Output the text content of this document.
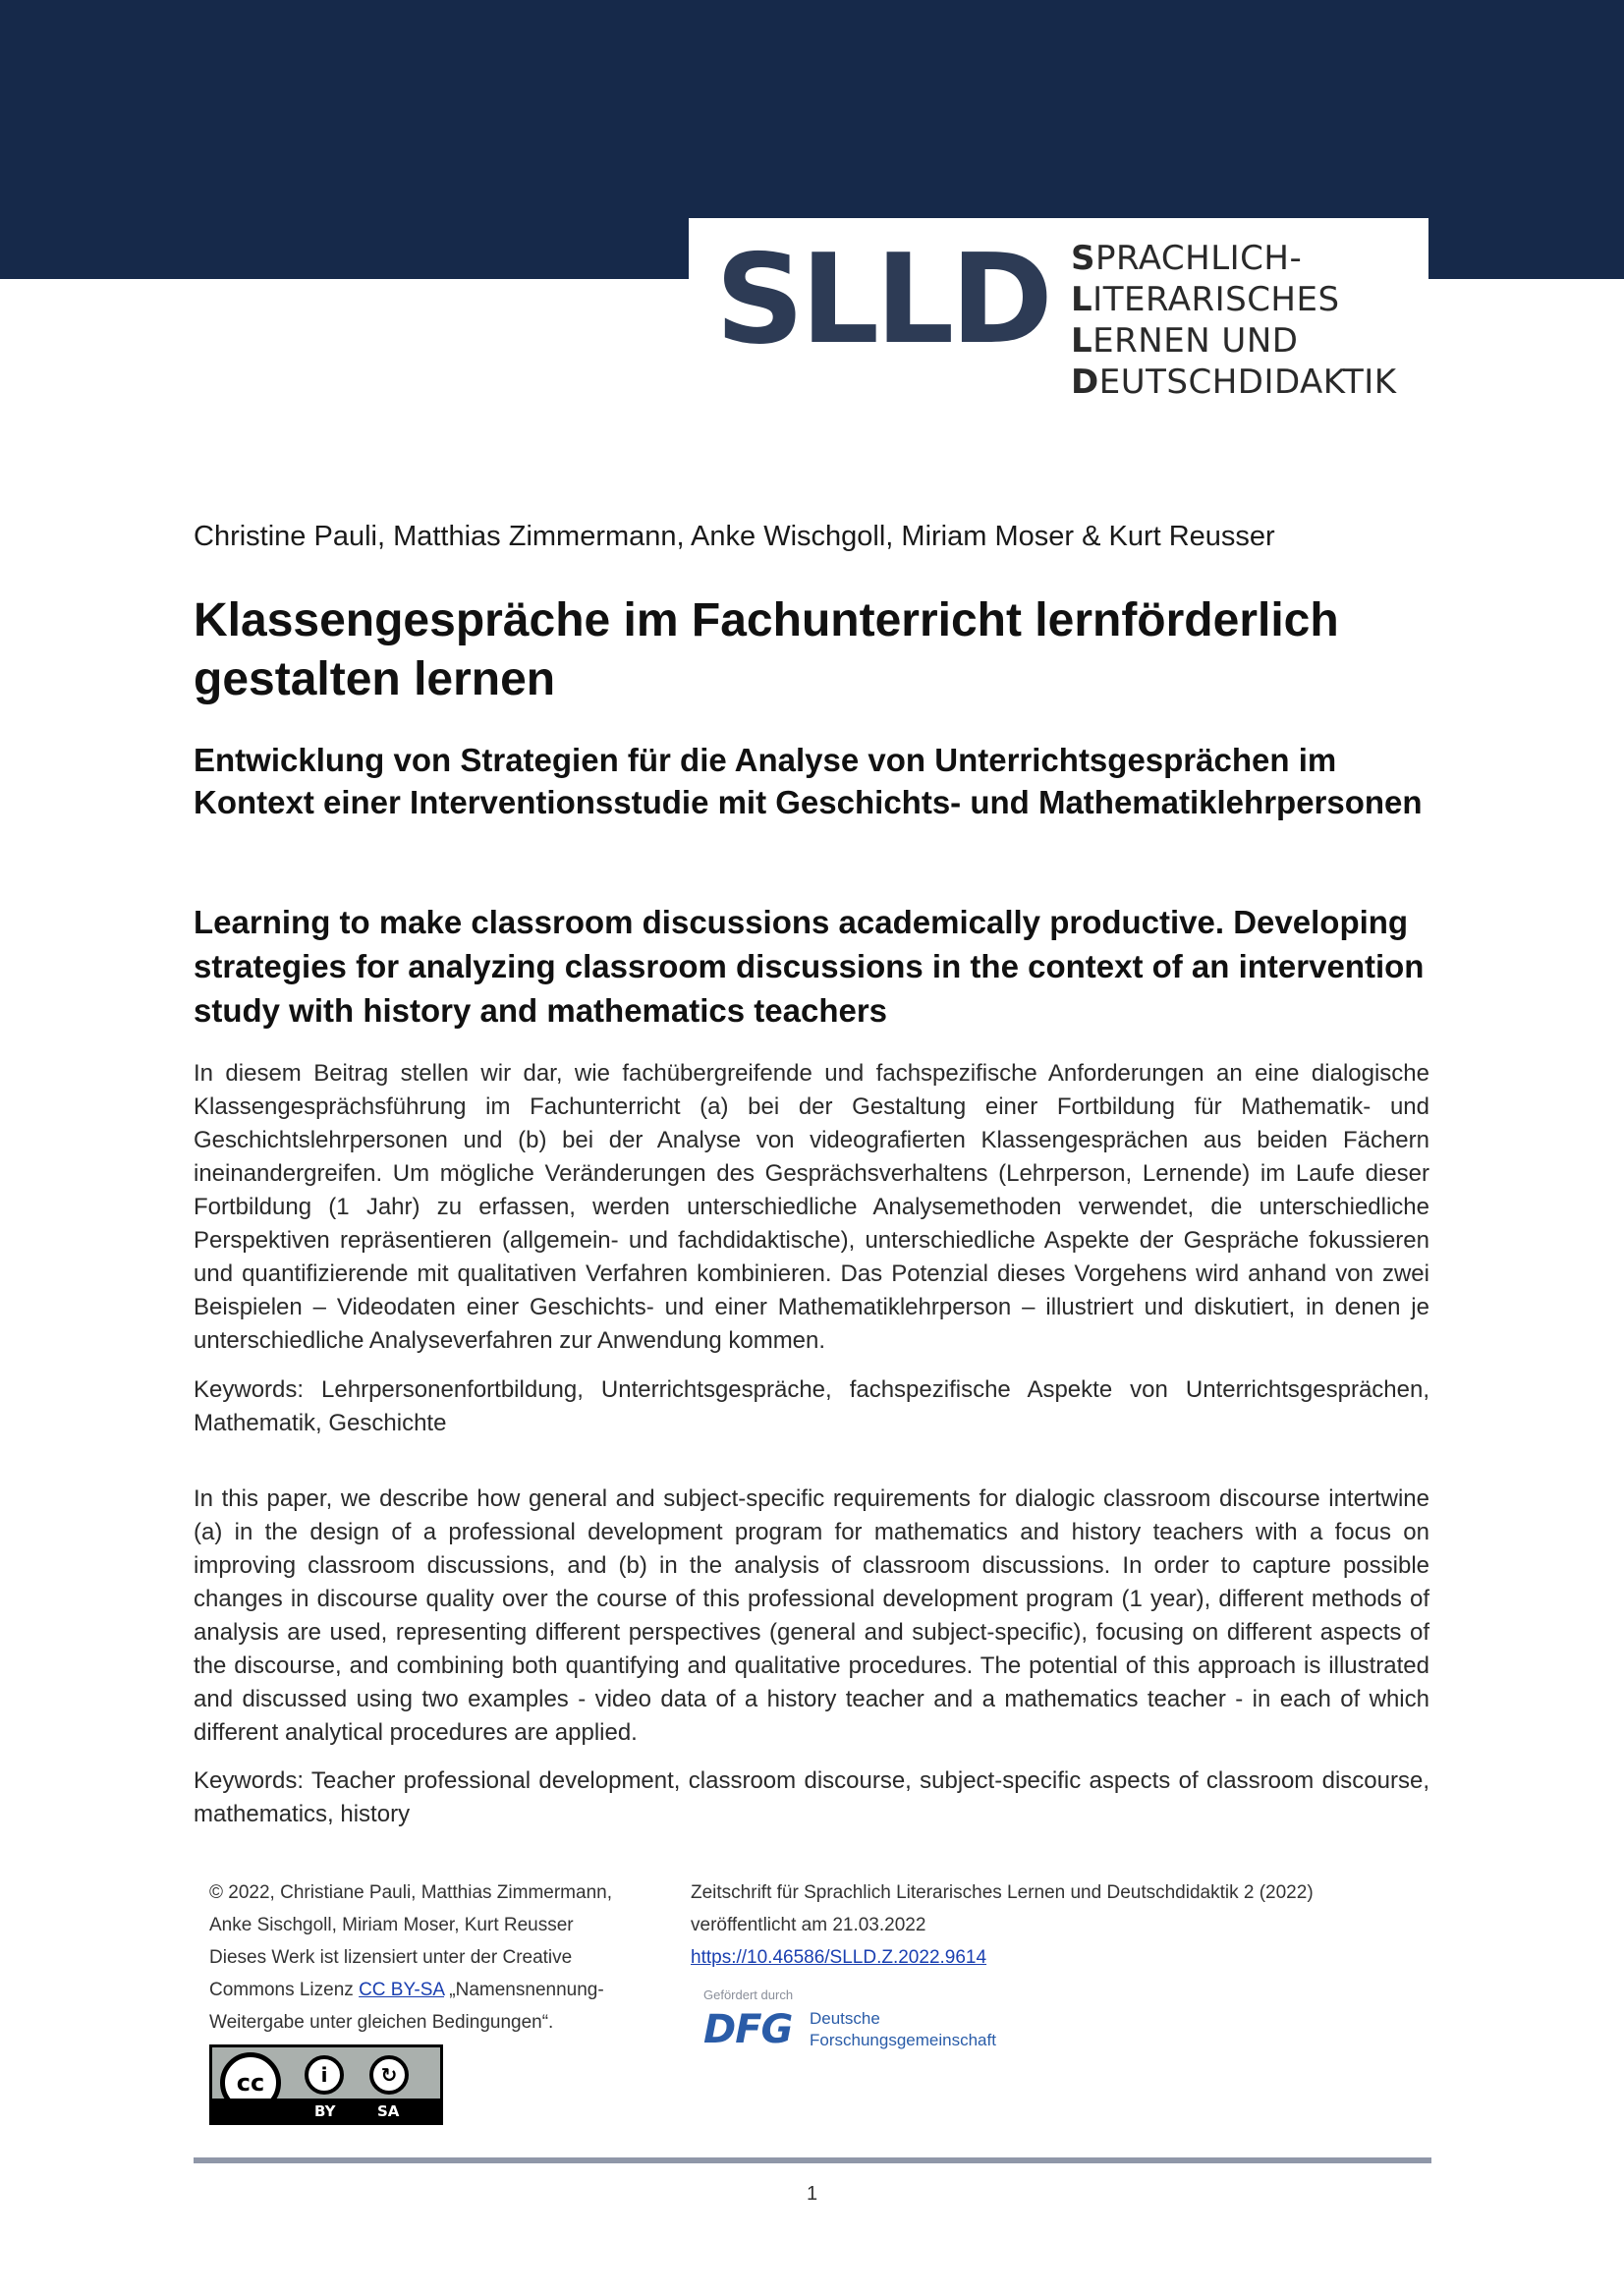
SLLD SPRACHLICH-
LITERARISCHES
LERNEN UND
DEUTSCHDIDAKTIK
Christine Pauli, Matthias Zimmermann, Anke Wischgoll, Miriam Moser & Kurt Reusser
Klassengespräche im Fachunterricht lernförderlich gestalten lernen
Entwicklung von Strategien für die Analyse von Unterrichtsgesprächen im Kontext einer Interventionsstudie mit Geschichts- und Mathematiklehrpersonen
Learning to make classroom discussions academically productive. Developing strategies for analyzing classroom discussions in the context of an intervention study with history and mathematics teachers

In diesem Beitrag stellen wir dar, wie fachübergreifende und fachspezifische Anforderungen an eine dialogische Klassengesprächsführung im Fachunterricht (a) bei der Gestaltung einer Fortbildung für Mathematik- und Geschichtslehrpersonen und (b) bei der Analyse von videografierten Klassengesprächen aus beiden Fächern ineinandergreifen. Um mögliche Veränderungen des Gesprächsverhaltens (Lehrperson, Lernende) im Laufe dieser Fortbildung (1 Jahr) zu erfassen, werden unterschiedliche Analysemethoden verwendet, die unterschiedliche Perspektiven repräsentieren (allgemein- und fachdidaktische), unterschiedliche Aspekte der Gespräche fokussieren und quantifizierende mit qualitativen Verfahren kombinieren. Das Potenzial dieses Vorgehens wird anhand von zwei Beispielen – Videodaten einer Geschichts- und einer Mathematiklehrperson – illustriert und diskutiert, in denen je unterschiedliche Analyseverfahren zur Anwendung kommen.

Keywords: Lehrpersonenfortbildung, Unterrichtsgespräche, fachspezifische Aspekte von Unterrichtsgesprächen, Mathematik, Geschichte

In this paper, we describe how general and subject-specific requirements for dialogic classroom discourse intertwine (a) in the design of a professional development program for mathematics and history teachers with a focus on improving classroom discussions, and (b) in the analysis of classroom discussions. In order to capture possible changes in discourse quality over the course of this professional development program (1 year), different methods of analysis are used, representing different perspectives (general and subject-specific), focusing on different aspects of the discourse, and combining both quantifying and qualitative procedures. The potential of this approach is illustrated and discussed using two examples - video data of a history teacher and a mathematics teacher - in each of which different analytical procedures are applied.

Keywords: Teacher professional development, classroom discourse, subject-specific aspects of classroom discourse, mathematics, history

© 2022, Christiane Pauli, Matthias Zimmermann,
Anke Sischgoll, Miriam Moser, Kurt Reusser
Dieses Werk ist lizensiert unter der Creative
Commons Lizenz CC BY-SA „Namensnennung-
Weitergabe unter gleichen Bedingungen“.
cc	i	↻
BY	SA
Zeitschrift für Sprachlich Literarisches Lernen und Deutschdidaktik 2 (2022)
veröffentlicht am 21.03.2022
https://10.46586/SLLD.Z.2022.9614
Gefördert durch
DFG Deutsche
Forschungsgemeinschaft
1
